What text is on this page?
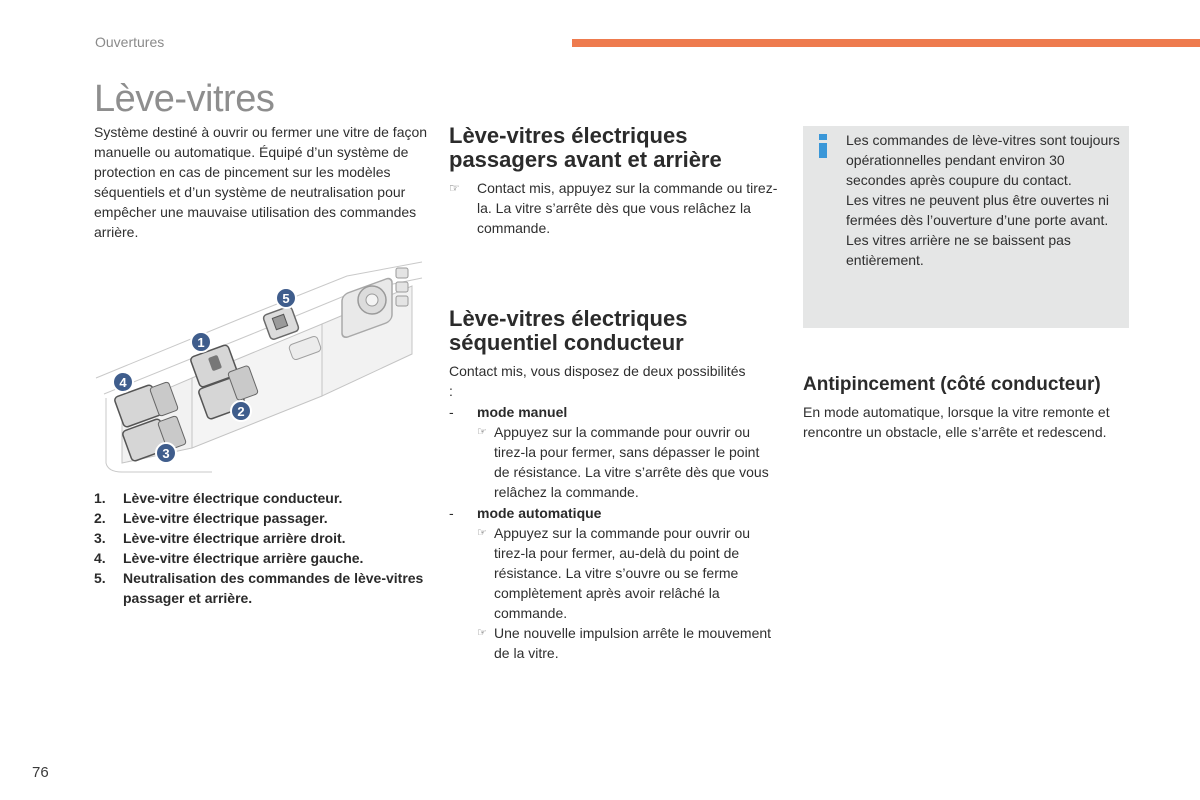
Ouvertures
Lève-vitres

Système destiné à ouvrir ou fermer une vitre de façon manuelle ou automatique. Équipé d’un système de protection en cas de pincement sur les modèles séquentiels et d’un système de neutralisation pour empêcher une mauvaise utilisation des commandes arrière.

5
1
4
2
3
1.	Lève-vitre électrique conducteur.
2.	Lève-vitre électrique passager.
3.	Lève-vitre électrique arrière droit.
4.	Lève-vitre électrique arrière gauche.
5.	Neutralisation des commandes de lève-vitres passager et arrière.
Lève-vitres électriques passagers avant et arrière
☞	Contact mis, appuyez sur la commande ou tirez-la. La vitre s’arrête dès que vous relâchez la commande.
Lève-vitres électriques séquentiel conducteur

Contact mis, vous disposez de deux possibilités :

- mode manuel
☞ Appuyez sur la commande pour ouvrir ou tirez-la pour fermer, sans dépasser le point de résistance. La vitre s’arrête dès que vous relâchez la commande.
- mode automatique
☞ Appuyez sur la commande pour ouvrir ou tirez-la pour fermer, au-delà du point de résistance. La vitre s’ouvre ou se ferme complètement après avoir relâché la commande.
☞ Une nouvelle impulsion arrête le mouvement de la vitre.
Les commandes de lève-vitres sont toujours opérationnelles pendant environ 30 secondes après coupure du contact.
Les vitres ne peuvent plus être ouvertes ni fermées dès l’ouverture d’une porte avant.
Les vitres arrière ne se baissent pas entièrement.
Antipincement (côté conducteur)

En mode automatique, lorsque la vitre remonte et rencontre un obstacle, elle s’arrête et redescend.

76
